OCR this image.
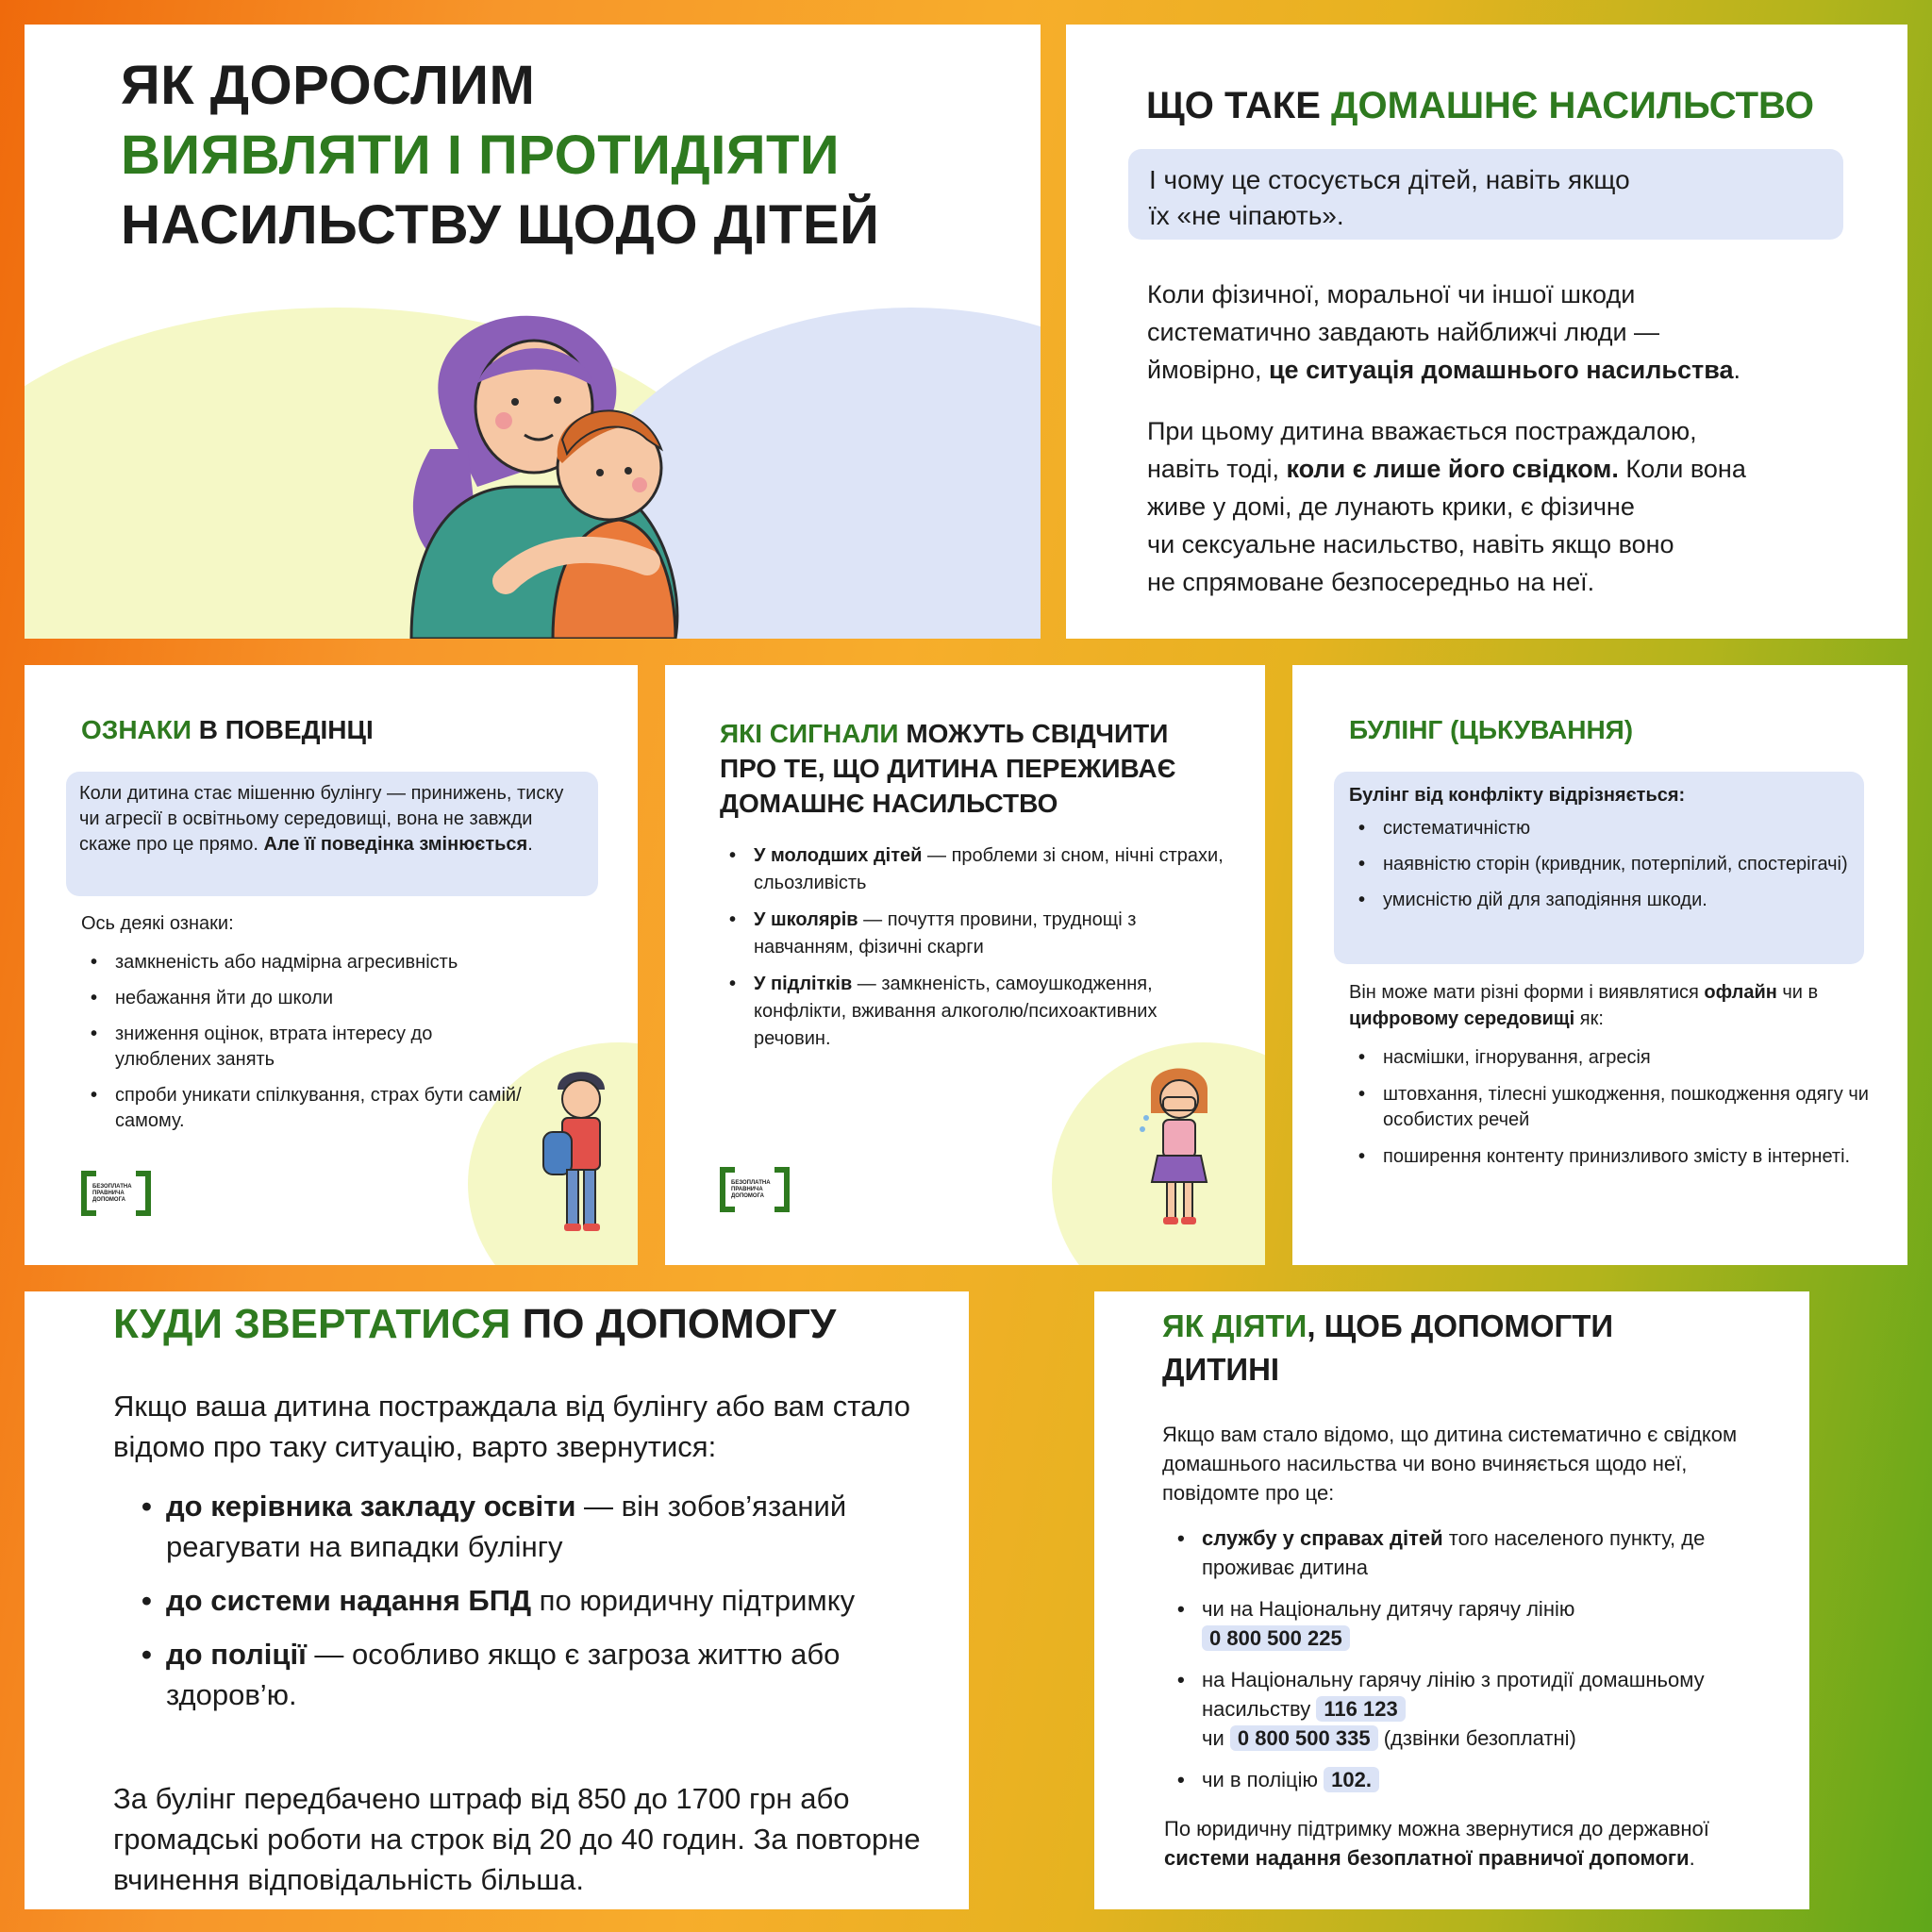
ЯК ДОРОСЛИМ
ВИЯВЛЯТИ І ПРОТИДІЯТИ
НАСИЛЬСТВУ ЩОДО ДІТЕЙ
ЩО ТАКЕ ДОМАШНЄ НАСИЛЬСТВО
І чому це стосується дітей, навіть якщо
їх «не чіпають».
Коли фізичної, моральної чи іншої шкоди
систематично завдають найближчі люди —
ймовірно, це ситуація домашнього насильства.
При цьому дитина вважається постраждалою,
навіть тоді, коли є лише його свідком. Коли вона
живе у домі, де лунають крики, є фізичне
чи сексуальне насильство, навіть якщо воно
не спрямоване безпосередньо на неї.
ОЗНАКИ В ПОВЕДІНЦІ
Коли дитина стає мішенню булінгу — принижень, тиску чи агресії в освітньому середовищі, вона не завжди скаже про це прямо. Але її поведінка змінюється.
Ось деякі ознаки:
• замкненість або надмірна агресивність
• небажання йти до школи
• зниження оцінок, втрата інтересу до улюблених занять
• спроби уникати спілкування, страх бути самій/самому.
БЕЗОПЛАТНА ПРАВНИЧА ДОПОМОГА
ЯКІ СИГНАЛИ МОЖУТЬ СВІДЧИТИ ПРО ТЕ, ЩО ДИТИНА ПЕРЕЖИВАЄ ДОМАШНЄ НАСИЛЬСТВО
• У молодших дітей — проблеми зі сном, нічні страхи, сльозливість
• У школярів — почуття провини, труднощі з навчанням, фізичні скарги
• У підлітків — замкненість, самоушкодження, конфлікти, вживання алкоголю/психоактивних речовин.
БЕЗОПЛАТНА ПРАВНИЧА ДОПОМОГА
БУЛІНГ (ЦЬКУВАННЯ)
Булінг від конфлікту відрізняється:
• систематичністю
• наявністю сторін (кривдник, потерпілий, спостерігачі)
• умисністю дій для заподіяння шкоди.
Він може мати різні форми і виявлятися офлайн чи в цифровому середовищі як:
• насмішки, ігнорування, агресія
• штовхання, тілесні ушкодження, пошкодження одягу чи особистих речей
• поширення контенту принизливого змісту в інтернеті.
КУДИ ЗВЕРТАТИСЯ ПО ДОПОМОГУ
Якщо ваша дитина постраждала від булінгу або вам стало відомо про таку ситуацію, варто звернутися:
• до керівника закладу освіти — він зобов’язаний реагувати на випадки булінгу
• до системи надання БПД по юридичну підтримку
• до поліції — особливо якщо є загроза життю або здоров’ю.
За булінг передбачено штраф від 850 до 1700 грн або громадські роботи на строк від 20 до 40 годин. За повторне вчинення відповідальність більша.
ЯК ДІЯТИ, ЩОБ ДОПОМОГТИ
ДИТИНІ
Якщо вам стало відомо, що дитина систематично є свідком домашнього насильства чи воно вчиняється щодо неї, повідомте про це:
• службу у справах дітей того населеного пункту, де проживає дитина
• чи на Національну дитячу гарячу лінію
0 800 500 225
• на Національну гарячу лінію з протидії домашньому насильству 116 123
чи 0 800 500 335 (дзвінки безоплатні)
• чи в поліцію 102.
По юридичну підтримку можна звернутися до державної системи надання безоплатної правничої допомоги.
